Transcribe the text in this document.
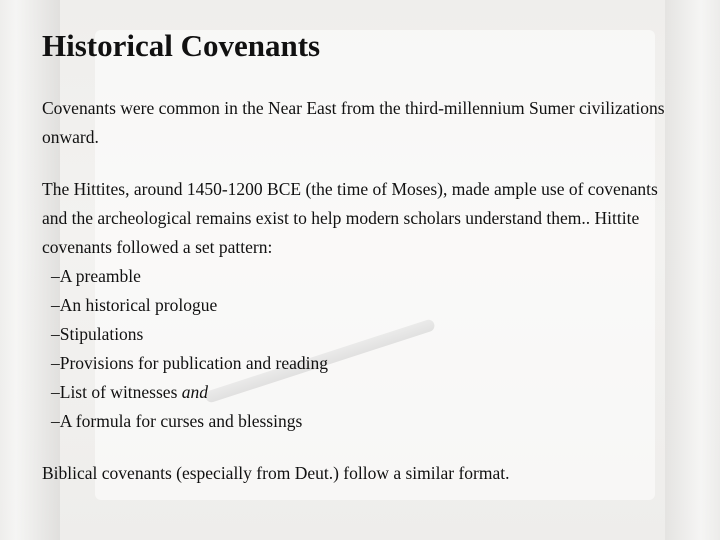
Historical Covenants

Covenants were common in the Near East from the third-millennium Sumer civilizations onward.

The Hittites, around 1450-1200 BCE (the time of Moses), made ample use of covenants and the archeological remains exist to help modern scholars understand them.. Hittite covenants followed a set pattern:

–A preamble
–An historical prologue
–Stipulations
–Provisions for publication and reading
–List of witnesses and
–A formula for curses and blessings

Biblical covenants (especially from Deut.) follow a similar format.
